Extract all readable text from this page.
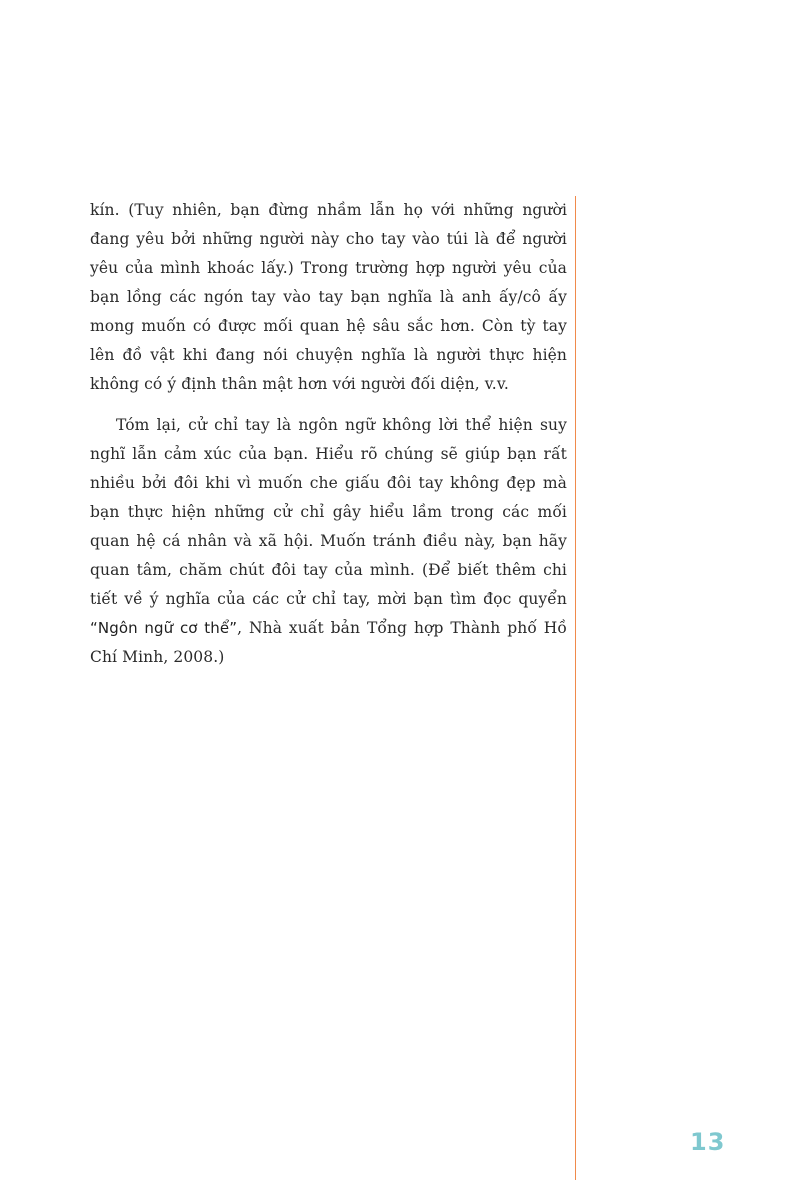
kín. (Tuy nhiên, bạn đừng nhầm lẫn họ với những người đang yêu bởi những người này cho tay vào túi là để người yêu của mình khoác lấy.) Trong trường hợp người yêu của bạn lồng các ngón tay vào tay bạn nghĩa là anh ấy/cô ấy mong muốn có được mối quan hệ sâu sắc hơn. Còn tỳ tay lên đồ vật khi đang nói chuyện nghĩa là người thực hiện không có ý định thân mật hơn với người đối diện, v.v.

Tóm lại, cử chỉ tay là ngôn ngữ không lời thể hiện suy nghĩ lẫn cảm xúc của bạn. Hiểu rõ chúng sẽ giúp bạn rất nhiều bởi đôi khi vì muốn che giấu đôi tay không đẹp mà bạn thực hiện những cử chỉ gây hiểu lầm trong các mối quan hệ cá nhân và xã hội. Muốn tránh điều này, bạn hãy quan tâm, chăm chút đôi tay của mình. (Để biết thêm chi tiết về ý nghĩa của các cử chỉ tay, mời bạn tìm đọc quyển “Ngôn ngữ cơ thể”, Nhà xuất bản Tổng hợp Thành phố Hồ Chí Minh, 2008.)

13
